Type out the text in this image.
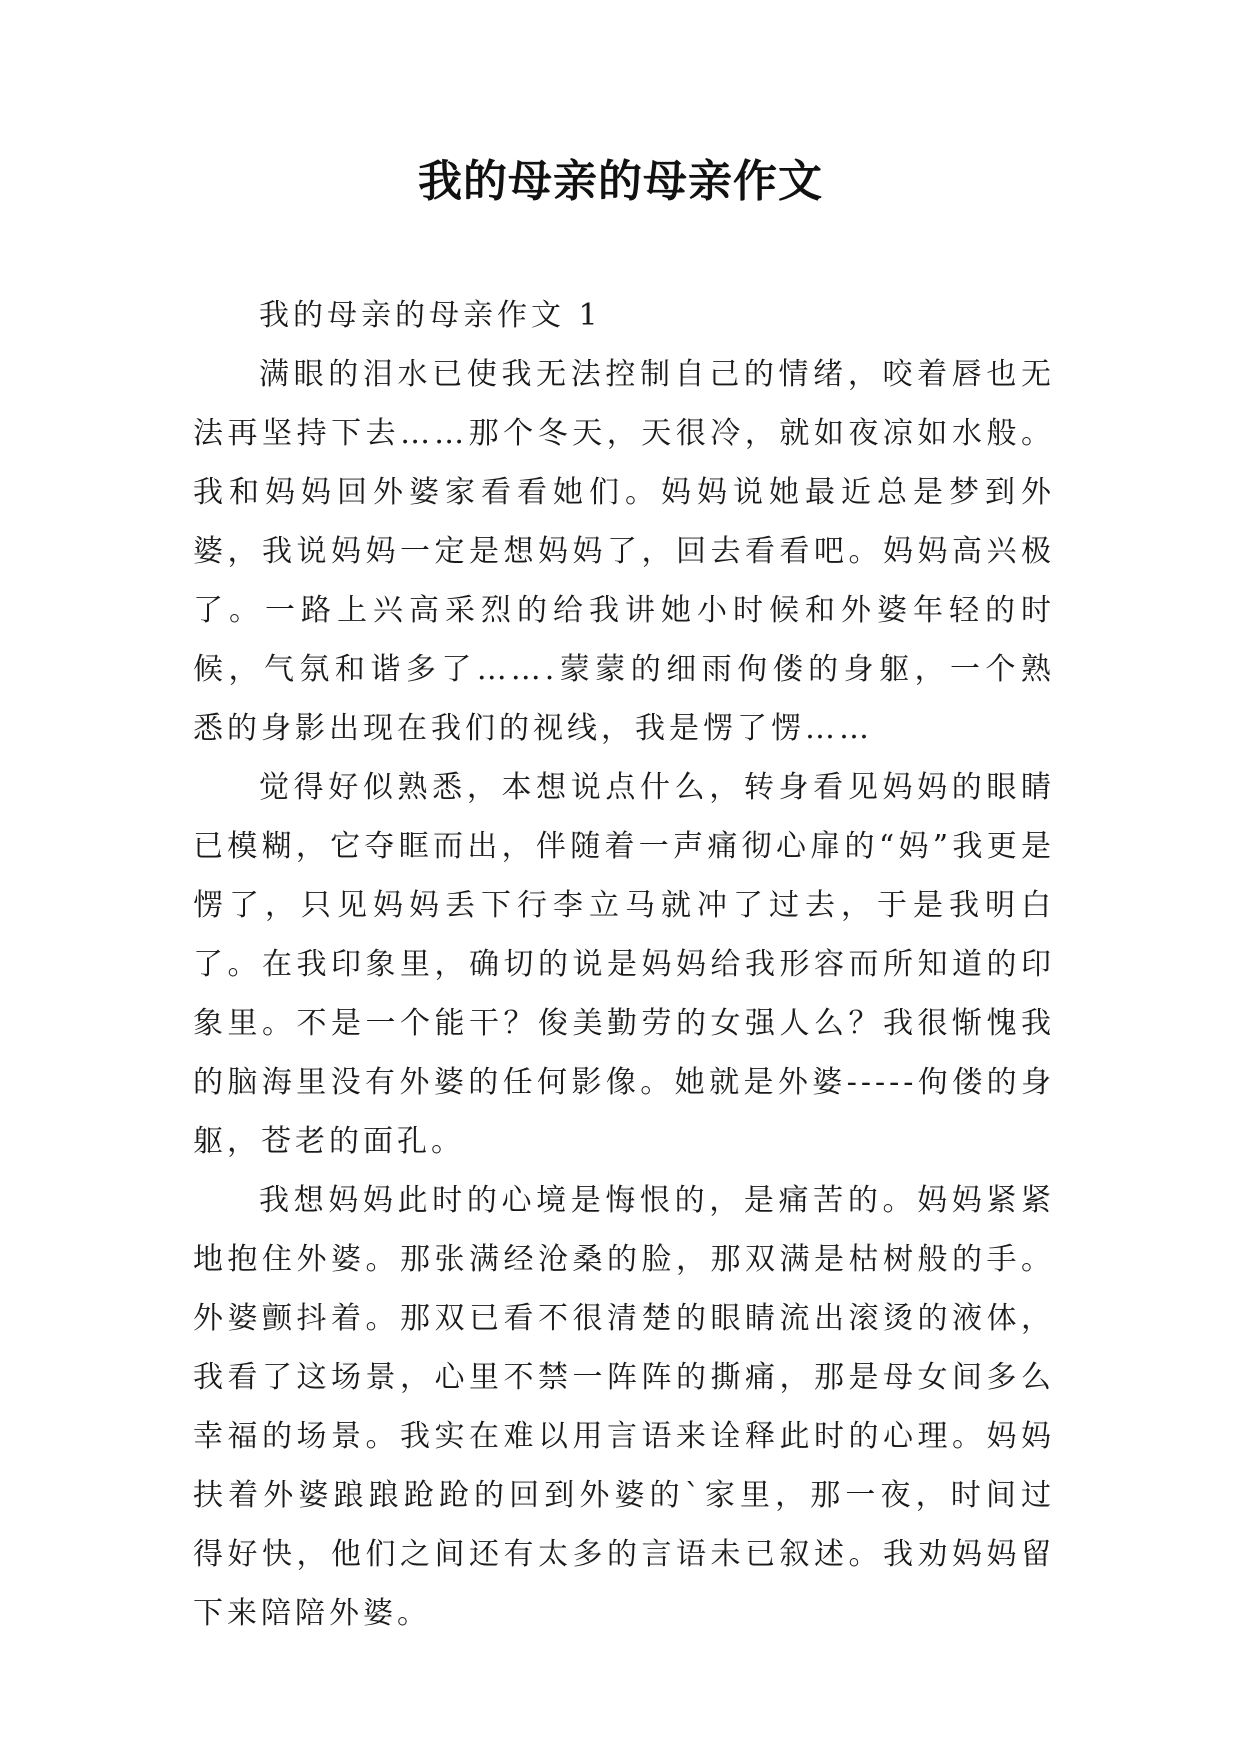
我的母亲的母亲作文

我的母亲的母亲作文 1

满眼的泪水已使我无法控制自己的情绪，咬着唇也无法再坚持下去……那个冬天，天很冷，就如夜凉如水般。我和妈妈回外婆家看看她们。妈妈说她最近总是梦到外婆，我说妈妈一定是想妈妈了，回去看看吧。妈妈高兴极了。一路上兴高采烈的给我讲她小时候和外婆年轻的时候，气氛和谐多了…….蒙蒙的细雨佝偻的身躯，一个熟悉的身影出现在我们的视线，我是愣了愣……

觉得好似熟悉，本想说点什么，转身看见妈妈的眼睛已模糊，它夺眶而出，伴随着一声痛彻心扉的“妈”我更是愣了，只见妈妈丢下行李立马就冲了过去，于是我明白了。在我印象里，确切的说是妈妈给我形容而所知道的印象里。不是一个能干？俊美勤劳的女强人么？我很惭愧我的脑海里没有外婆的任何影像。她就是外婆-----佝偻的身躯，苍老的面孔。

我想妈妈此时的心境是悔恨的，是痛苦的。妈妈紧紧地抱住外婆。那张满经沧桑的脸，那双满是枯树般的手。外婆颤抖着。那双已看不很清楚的眼睛流出滚烫的液体，我看了这场景，心里不禁一阵阵的撕痛，那是母女间多么幸福的场景。我实在难以用言语来诠释此时的心理。妈妈扶着外婆踉踉跄跄的回到外婆的`家里，那一夜，时间过得好快，他们之间还有太多的言语未已叙述。我劝妈妈留下来陪陪外婆。
